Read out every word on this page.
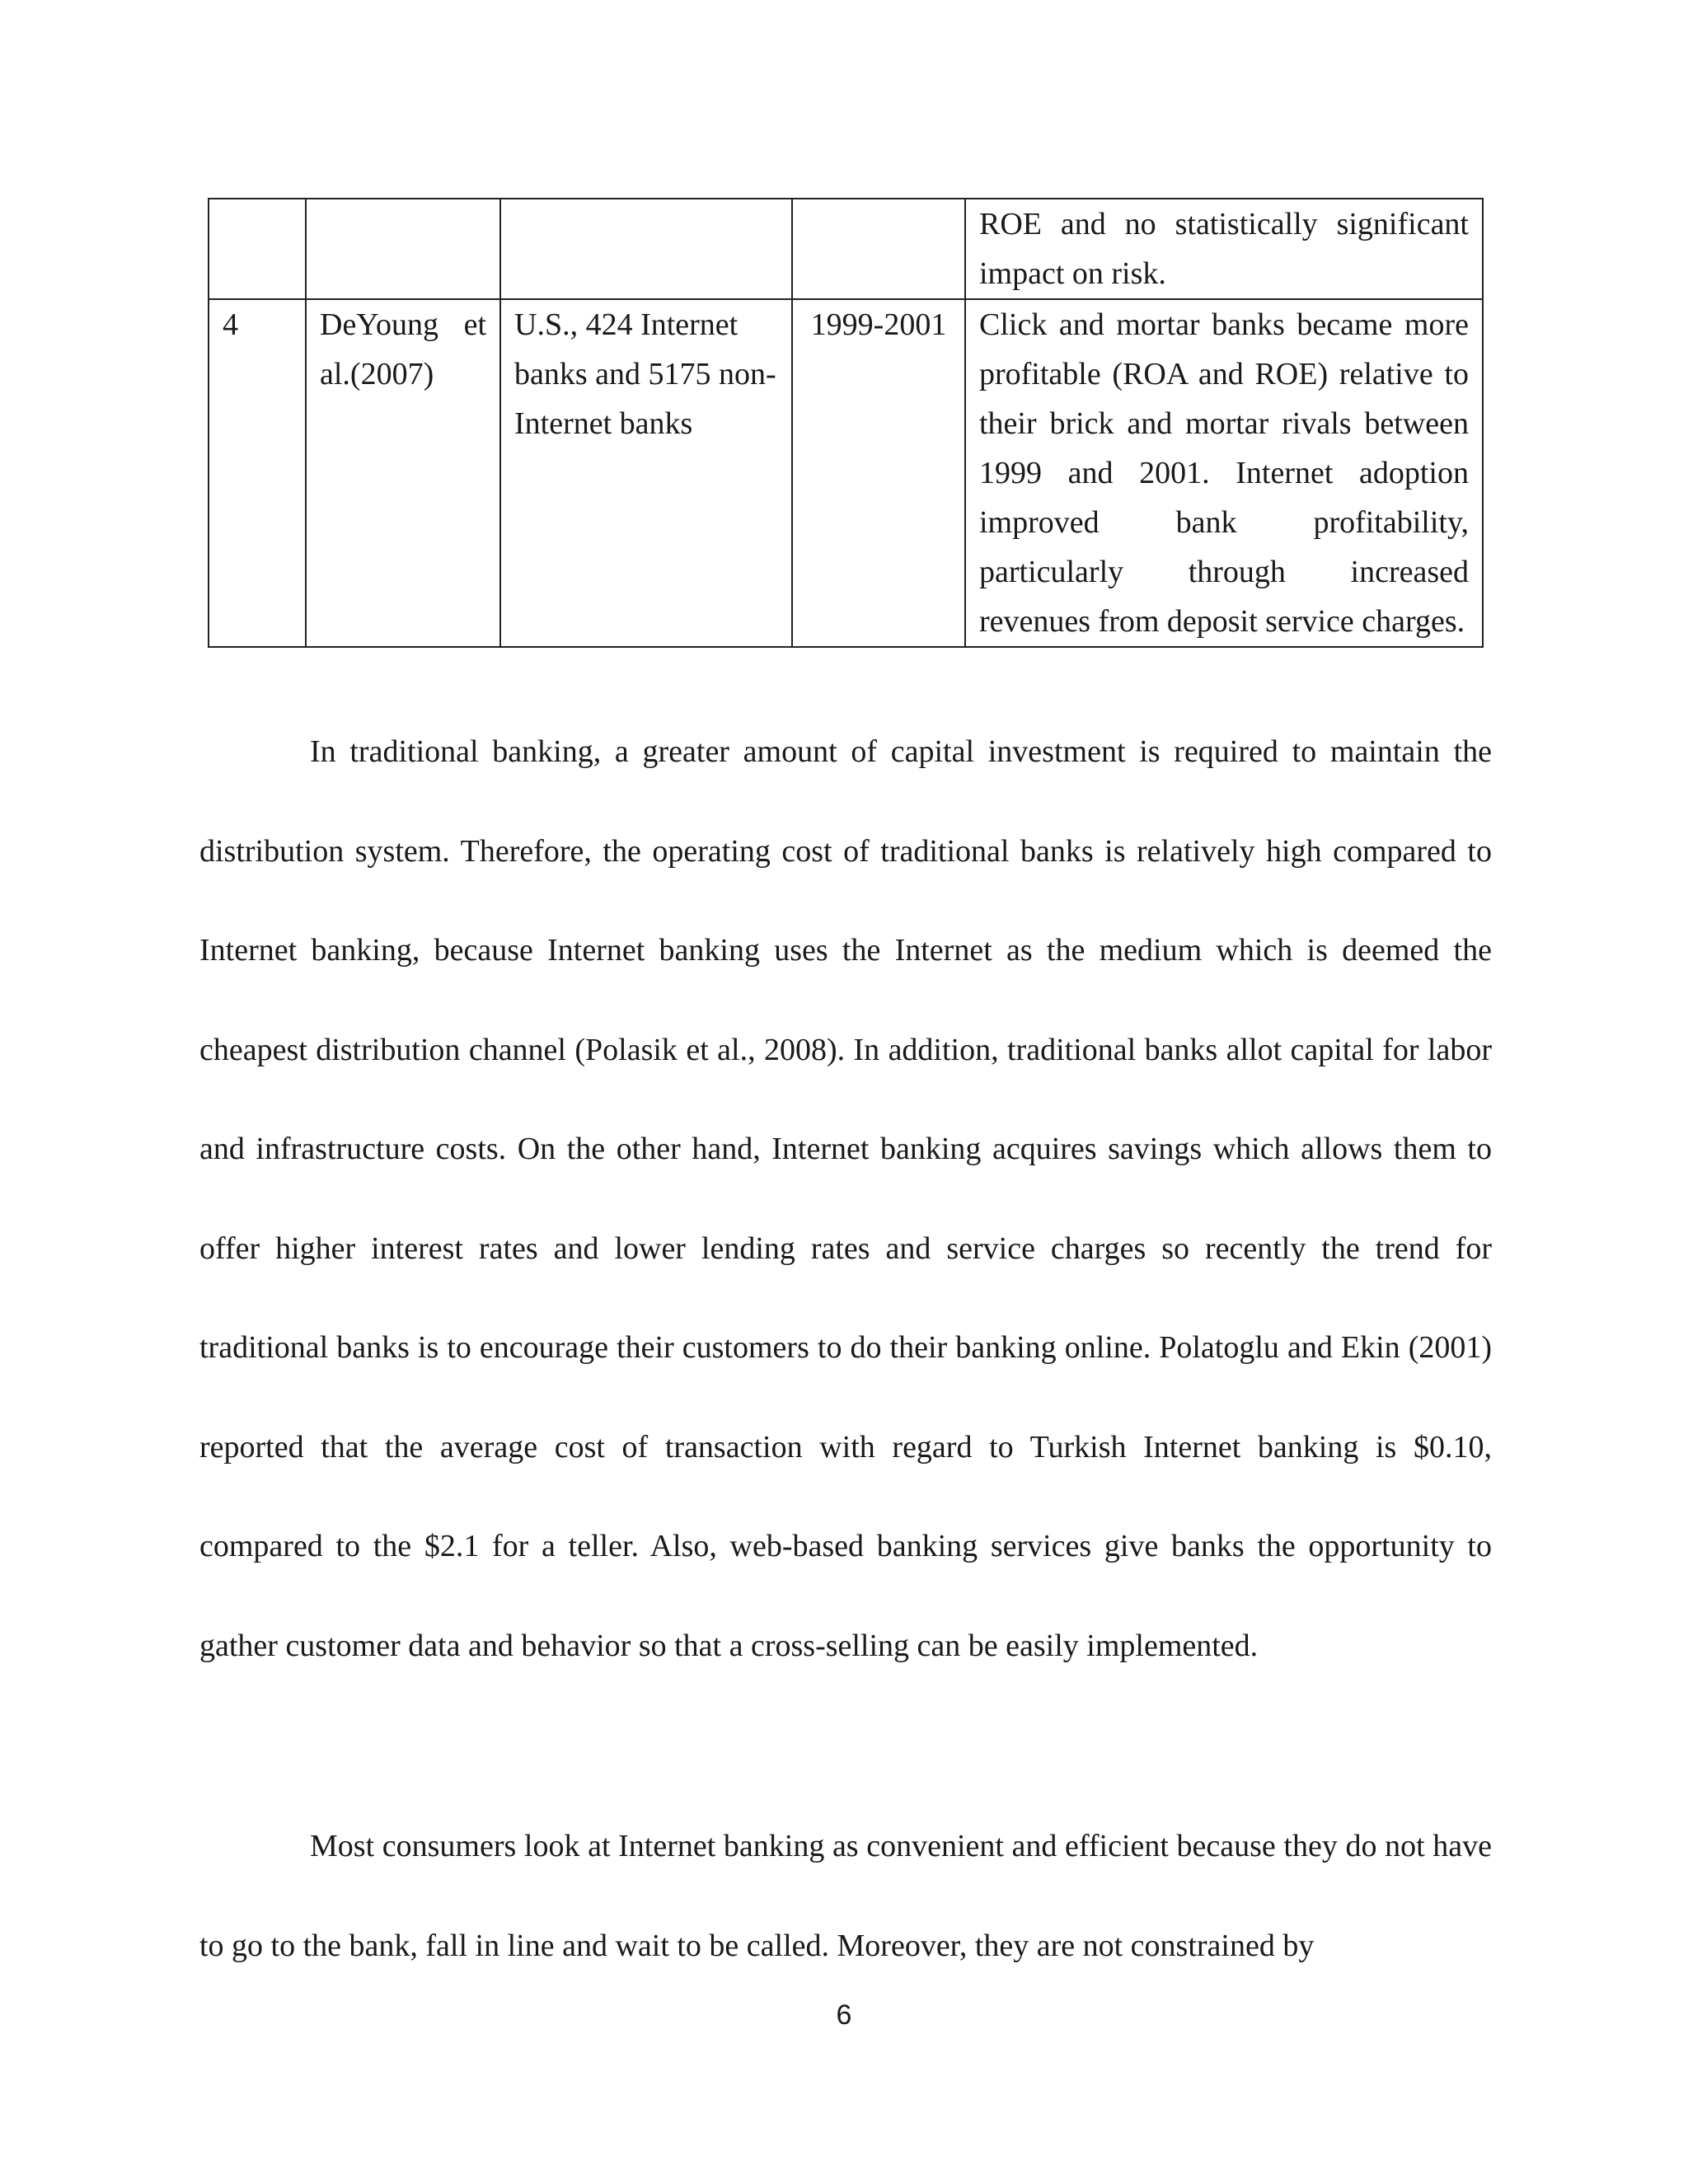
				ROE and no statistically significant impact on risk.
4	DeYoung et al.(2007)	U.S., 424 Internet banks and 5175 non-Internet banks	1999-2001	Click and mortar banks became more profitable (ROA and ROE) relative to their brick and mortar rivals between 1999 and 2001. Internet adoption improved bank profitability, particularly through increased revenues from deposit service charges.

In traditional banking, a greater amount of capital investment is required to maintain the distribution system. Therefore, the operating cost of traditional banks is relatively high compared to Internet banking, because Internet banking uses the Internet as the medium which is deemed the cheapest distribution channel (Polasik et al., 2008). In addition, traditional banks allot capital for labor and infrastructure costs. On the other hand, Internet banking acquires savings which allows them to offer higher interest rates and lower lending rates and service charges so recently the trend for traditional banks is to encourage their customers to do their banking online. Polatoglu and Ekin (2001) reported that the average cost of transaction with regard to Turkish Internet banking is $0.10, compared to the $2.1 for a teller. Also, web-based banking services give banks the opportunity to gather customer data and behavior so that a cross-selling can be easily implemented.

Most consumers look at Internet banking as convenient and efficient because they do not have to go to the bank, fall in line and wait to be called. Moreover, they are not constrained by

6
